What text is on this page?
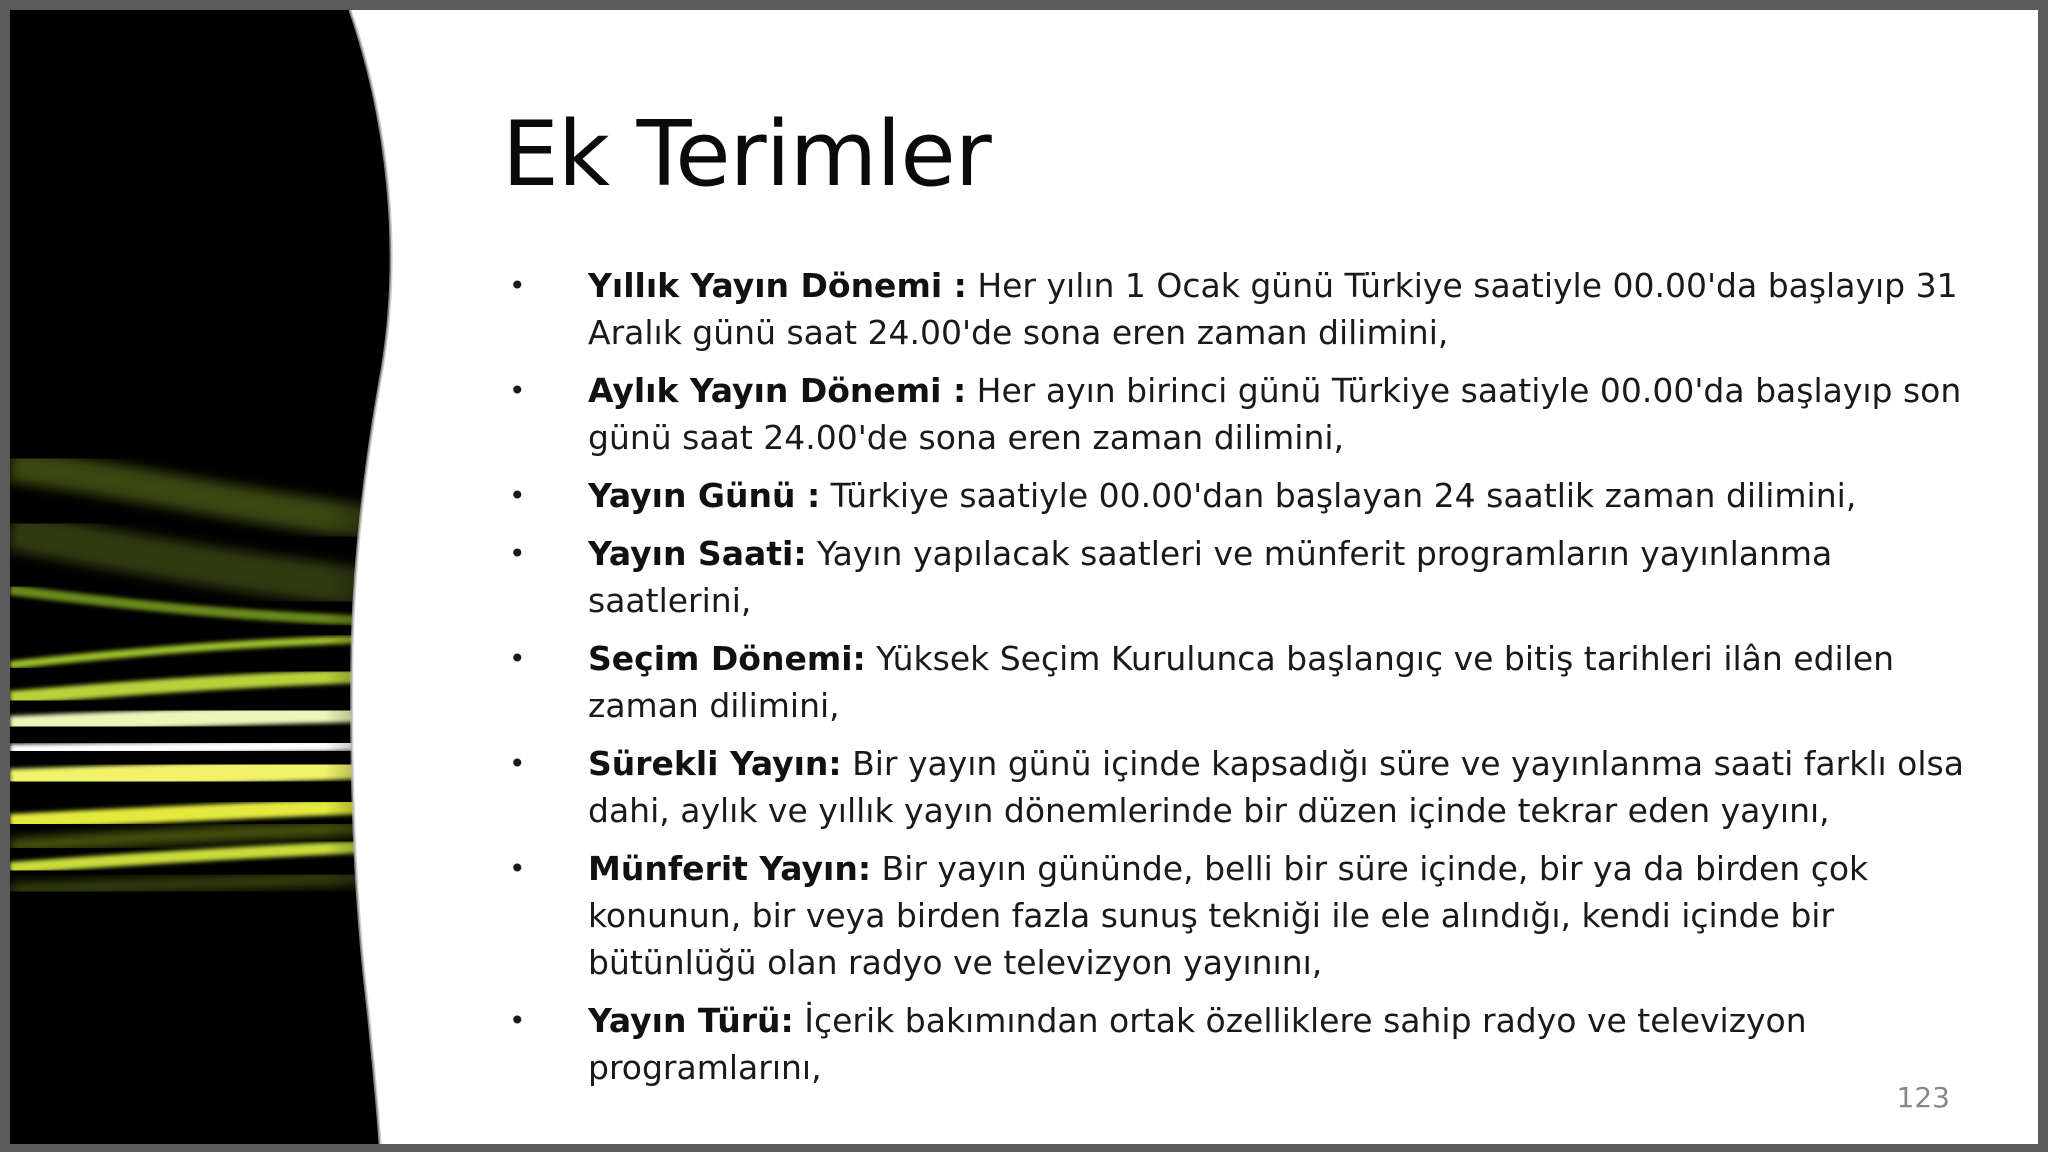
Ek Terimler
• Yıllık Yayın Dönemi : Her yılın 1 Ocak günü Türkiye saatiyle 00.00'da başlayıp 31 Aralık günü saat 24.00'de sona eren zaman dilimini,
• Aylık Yayın Dönemi : Her ayın birinci günü Türkiye saatiyle 00.00'da başlayıp son günü saat 24.00'de sona eren zaman dilimini,
• Yayın Günü : Türkiye saatiyle 00.00'dan başlayan 24 saatlik zaman dilimini,
• Yayın Saati: Yayın yapılacak saatleri ve münferit programların yayınlanma saatlerini,
• Seçim Dönemi: Yüksek Seçim Kurulunca başlangıç ve bitiş tarihleri ilân edilen zaman dilimini,
• Sürekli Yayın: Bir yayın günü içinde kapsadığı süre ve yayınlanma saati farklı olsa dahi, aylık ve yıllık yayın dönemlerinde bir düzen içinde tekrar eden yayını,
• Münferit Yayın: Bir yayın gününde, belli bir süre içinde, bir ya da birden çok konunun, bir veya birden fazla sunuş tekniği ile ele alındığı, kendi içinde bir bütünlüğü olan radyo ve televizyon yayınını,
• Yayın Türü: İçerik bakımından ortak özelliklere sahip radyo ve televizyon programlarını,
123
